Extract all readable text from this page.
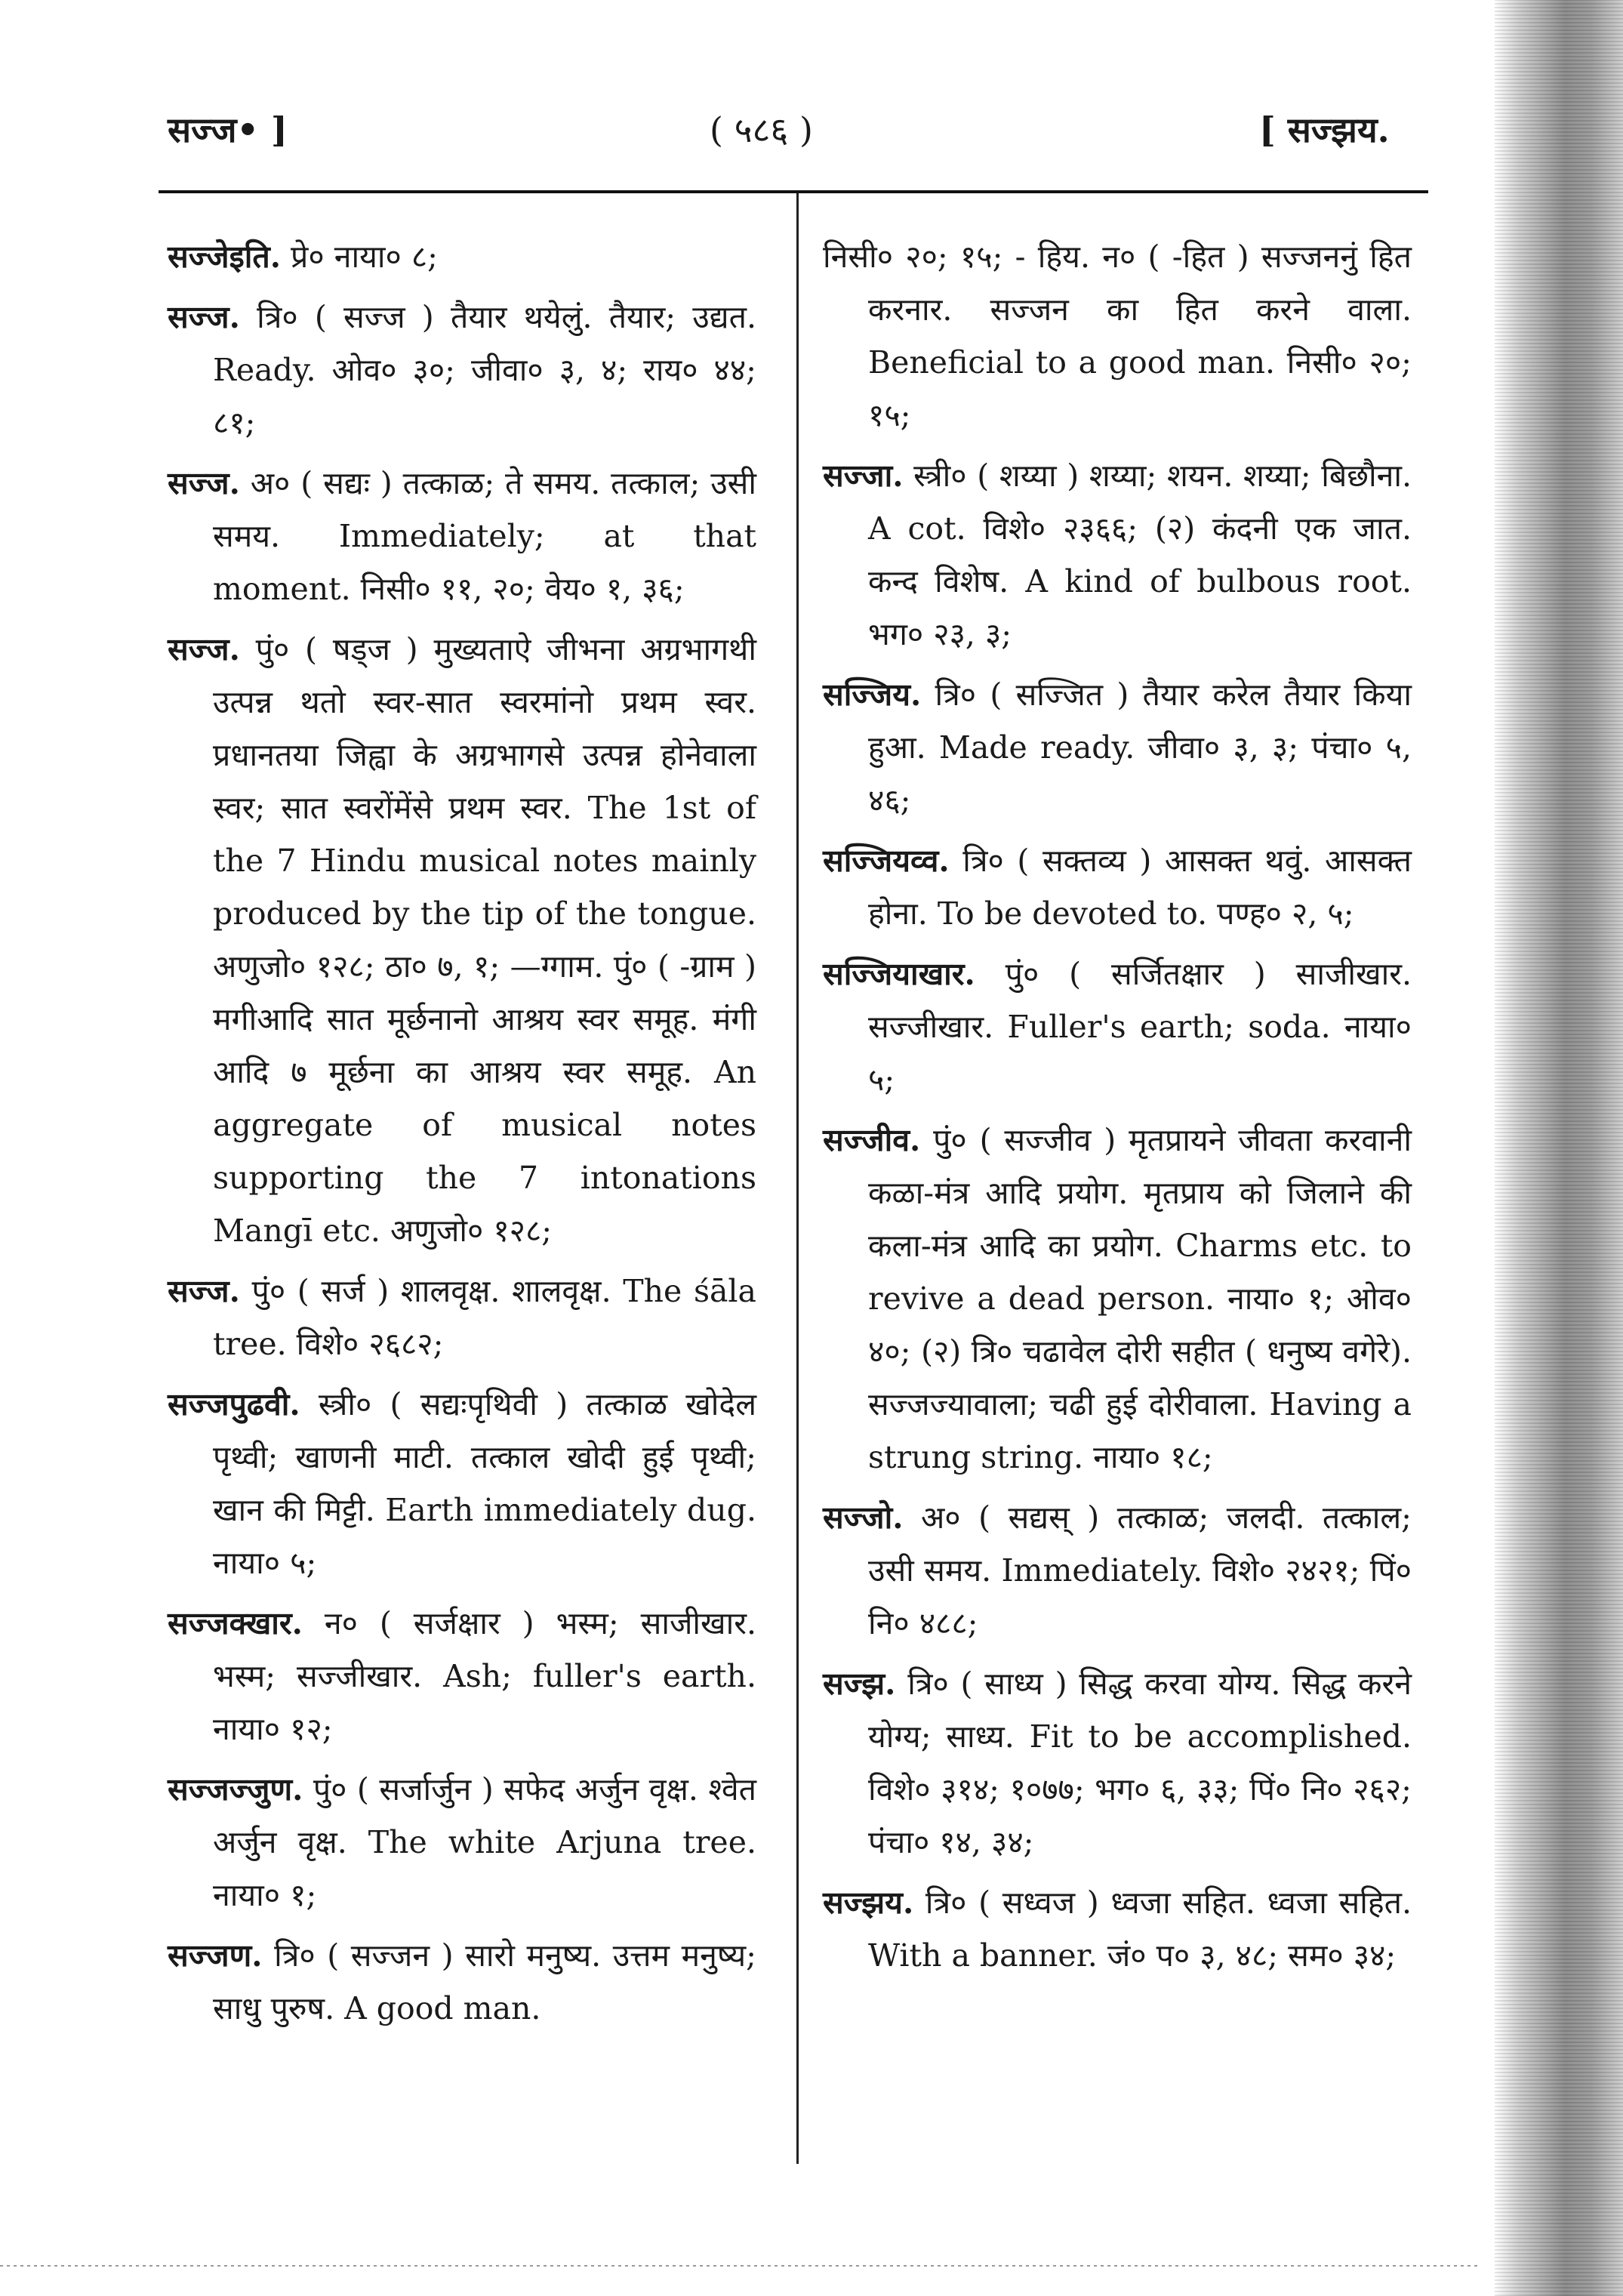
सज्ज• ]	( ५८६ )	[ सज्झय.

सज्जेइति. प्रे० नाया० ८;

सज्ज. त्रि० ( सज्ज ) तैयार थयेलुं. तैयार; उद्यत. Ready. ओव० ३०; जीवा० ३, ४; राय० ४४; ८१;

सज्ज. अ० ( सद्यः ) तत्काळ; ते समय. तत्काल; उसी समय. Immediately; at that moment. निसी० ११, २०; वेय० १, ३६;

सज्ज. पुं० ( षड्ज ) मुख्यताऐ जीभना अग्रभागथी उत्पन्न थतो स्वर-सात स्वरमांनो प्रथम स्वर. प्रधानतया जिह्वा के अग्रभागसे उत्पन्न होनेवाला स्वर; सात स्वरोंमेंसे प्रथम स्वर. The 1st of the 7 Hindu musical notes mainly produced by the tip of the tongue. अणुजो० १२८; ठा० ७, १; —ग्गाम. पुं० ( -ग्राम ) मगीआदि सात मूर्छनानो आश्रय स्वर समूह. मंगी आदि ७ मूर्छना का आश्रय स्वर समूह. An aggregate of musical notes supporting the 7 intonations Mangī etc. अणुजो० १२८;

सज्ज. पुं० ( सर्ज ) शालवृक्ष. शालवृक्ष. The śāla tree. विशे० २६८२;

सज्जपुढवी. स्त्री० ( सद्यःपृथिवी ) तत्काळ खोदेल पृथ्वी; खाणनी माटी. तत्काल खोदी हुई पृथ्वी; खान की मिट्टी. Earth immediately dug. नाया० ५;

सज्जक्खार. न० ( सर्जक्षार ) भस्म; साजीखार. भस्म; सज्जीखार. Ash; fuller's earth. नाया० १२;

सज्जज्जुण. पुं० ( सर्जार्जुन ) सफेद अर्जुन वृक्ष. श्वेत अर्जुन वृक्ष. The white Arjuna tree. नाया० १;

सज्जण. त्रि० ( सज्जन ) सारो मनुष्य. उत्तम मनुष्य; साधु पुरुष. A good man.

निसी० २०; १५; - हिय. न० ( -हित ) सज्जननुं हित करनार. सज्जन का हित करने वाला. Beneficial to a good man. निसी० २०; १५;

सज्जा. स्त्री० ( शय्या ) शय्या; शयन. शय्या; बिछौना. A cot. विशे० २३६६; (२) कंदनी एक जात. कन्द विशेष. A kind of bulbous root. भग० २३, ३;

सज्जिय. त्रि० ( सज्जित ) तैयार करेल तैयार किया हुआ. Made ready. जीवा० ३, ३; पंचा० ५, ४६;

सज्जियव्व. त्रि० ( सक्तव्य ) आसक्त थवुं. आसक्त होना. To be devoted to. पण्ह० २, ५;

सज्जियाखार. पुं० ( सर्जितक्षार ) साजीखार. सज्जीखार. Fuller's earth; soda. नाया० ५;

सज्जीव. पुं० ( सज्जीव ) मृतप्रायने जीवता करवानी कळा-मंत्र आदि प्रयोग. मृतप्राय को जिलाने की कला-मंत्र आदि का प्रयोग. Charms etc. to revive a dead person. नाया० १; ओव० ४०; (२) त्रि० चढावेल दोरी सहीत ( धनुष्य वगेरे). सज्जज्यावाला; चढी हुई दोरीवाला. Having a strung string. नाया० १८;

सज्जो. अ० ( सद्यस् ) तत्काळ; जलदी. तत्काल; उसी समय. Immediately. विशे० २४२१; पिं० नि० ४८८;

सज्झ. त्रि० ( साध्य ) सिद्ध करवा योग्य. सिद्ध करने योग्य; साध्य. Fit to be accomplished. विशे० ३१४; १०७७; भग० ६, ३३; पिं० नि० २६२; पंचा० १४, ३४;

सज्झय. त्रि० ( सध्वज ) ध्वजा सहित. ध्वजा सहित. With a banner. जं० प० ३, ४८; सम० ३४;
